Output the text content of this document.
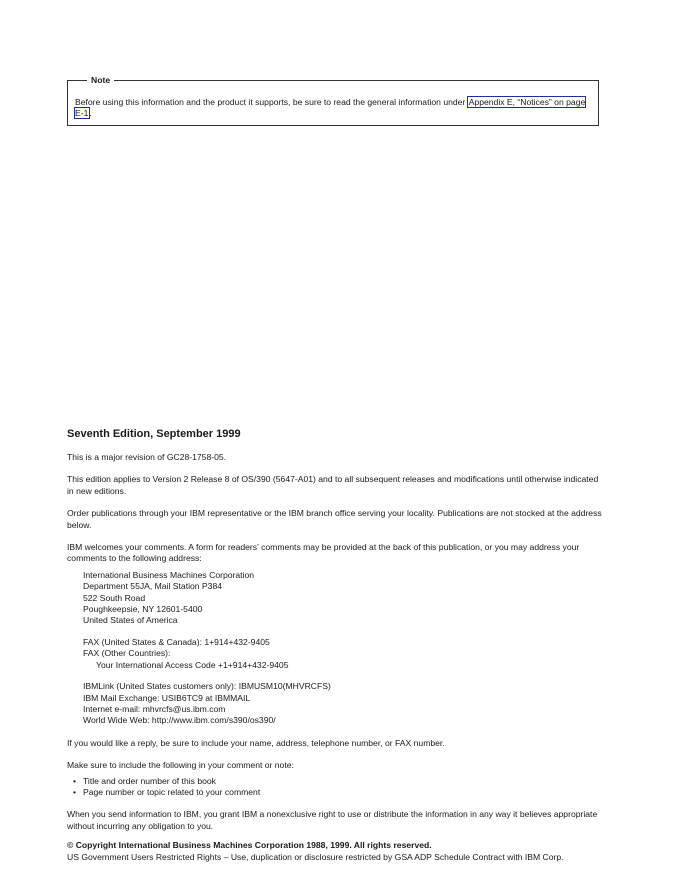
Note
Before using this information and the product it supports, be sure to read the general information under Appendix E, “Notices” on page E-1.
Seventh Edition, September 1999

This is a major revision of GC28-1758-05.

This edition applies to Version 2 Release 8 of OS/390 (5647-A01) and to all subsequent releases and modifications until otherwise indicated in new editions.

Order publications through your IBM representative or the IBM branch office serving your locality. Publications are not stocked at the address below.

IBM welcomes your comments. A form for readers' comments may be provided at the back of this publication, or you may address your comments to the following address:

International Business Machines Corporation
Department 55JA, Mail Station P384
522 South Road
Poughkeepsie, NY 12601-5400
United States of America
FAX (United States & Canada): 1+914+432-9405
FAX (Other Countries):
Your International Access Code +1+914+432-9405
IBMLink (United States customers only): IBMUSM10(MHVRCFS)
IBM Mail Exchange: USIB6TC9 at IBMMAIL
Internet e-mail: mhvrcfs@us.ibm.com
World Wide Web: http://www.ibm.com/s390/os390/

If you would like a reply, be sure to include your name, address, telephone number, or FAX number.

Make sure to include the following in your comment or note:

• Title and order number of this book
• Page number or topic related to your comment

When you send information to IBM, you grant IBM a nonexclusive right to use or distribute the information in any way it believes appropriate without incurring any obligation to you.

© Copyright International Business Machines Corporation 1988, 1999. All rights reserved.

US Government Users Restricted Rights – Use, duplication or disclosure restricted by GSA ADP Schedule Contract with IBM Corp.
